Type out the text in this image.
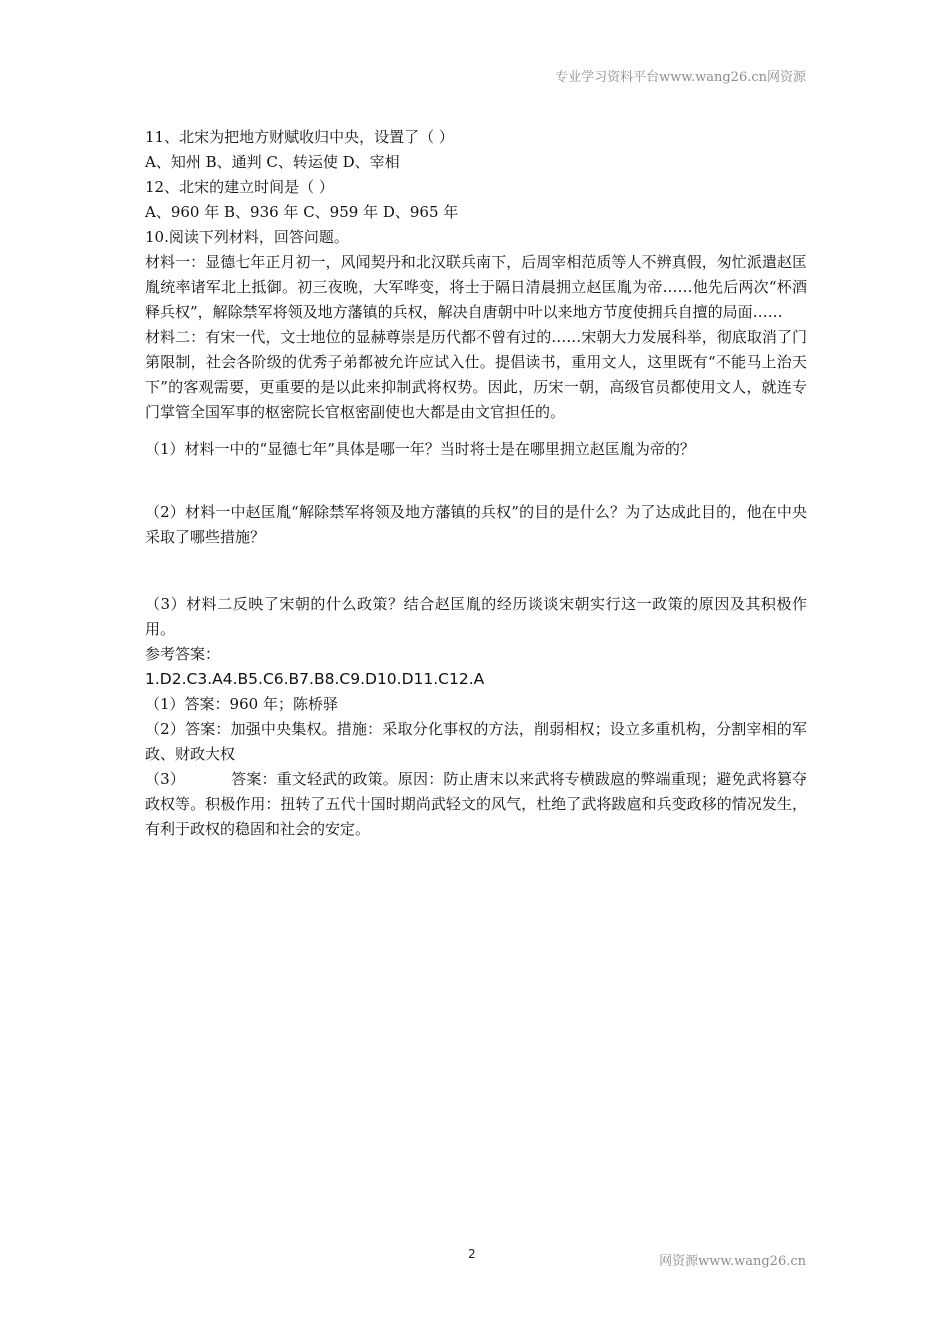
专业学习资料平台www.wang26.cn网资源
11、北宋为把地方财赋收归中央，设置了（ ）
A、知州 B、通判 C、转运使 D、宰相
12、北宋的建立时间是（ ）
A、960 年 B、936 年 C、959 年 D、965 年
10.阅读下列材料，回答问题。
材料一：显德七年正月初一，风闻契丹和北汉联兵南下，后周宰相范质等人不辨真假，匆忙派遣赵匡胤统率诸军北上抵御。初三夜晚，大军哗变，将士于隔日清晨拥立赵匡胤为帝……他先后两次“杯酒释兵权”，解除禁军将领及地方藩镇的兵权，解决自唐朝中叶以来地方节度使拥兵自擅的局面……
材料二：有宋一代，文士地位的显赫尊崇是历代都不曾有过的……宋朝大力发展科举，彻底取消了门第限制，社会各阶级的优秀子弟都被允许应试入仕。提倡读书，重用文人，这里既有“不能马上治天下”的客观需要，更重要的是以此来抑制武将权势。因此，历宋一朝，高级官员都使用文人，就连专门掌管全国军事的枢密院长官枢密副使也大都是由文官担任的。
（1）材料一中的“显德七年”具体是哪一年？当时将士是在哪里拥立赵匡胤为帝的？
（2）材料一中赵匡胤“解除禁军将领及地方藩镇的兵权”的目的是什么？为了达成此目的，他在中央采取了哪些措施？
（3）材料二反映了宋朝的什么政策？结合赵匡胤的经历谈谈宋朝实行这一政策的原因及其积极作用。
参考答案：
1.D2.C3.A4.B5.C6.B7.B8.C9.D10.D11.C12.A
（1）答案：960 年；陈桥驿
（2）答案：加强中央集权。措施：采取分化事权的方法，削弱相权；设立多重机构，分割宰相的军政、财政大权
（3）	答案：重文轻武的政策。原因：防止唐末以来武将专横跋扈的弊端重现；避免武将篡夺政权等。积极作用：扭转了五代十国时期尚武轻文的风气，杜绝了武将跋扈和兵变政移的情况发生，有利于政权的稳固和社会的安定。
2	网资源www.wang26.cn
